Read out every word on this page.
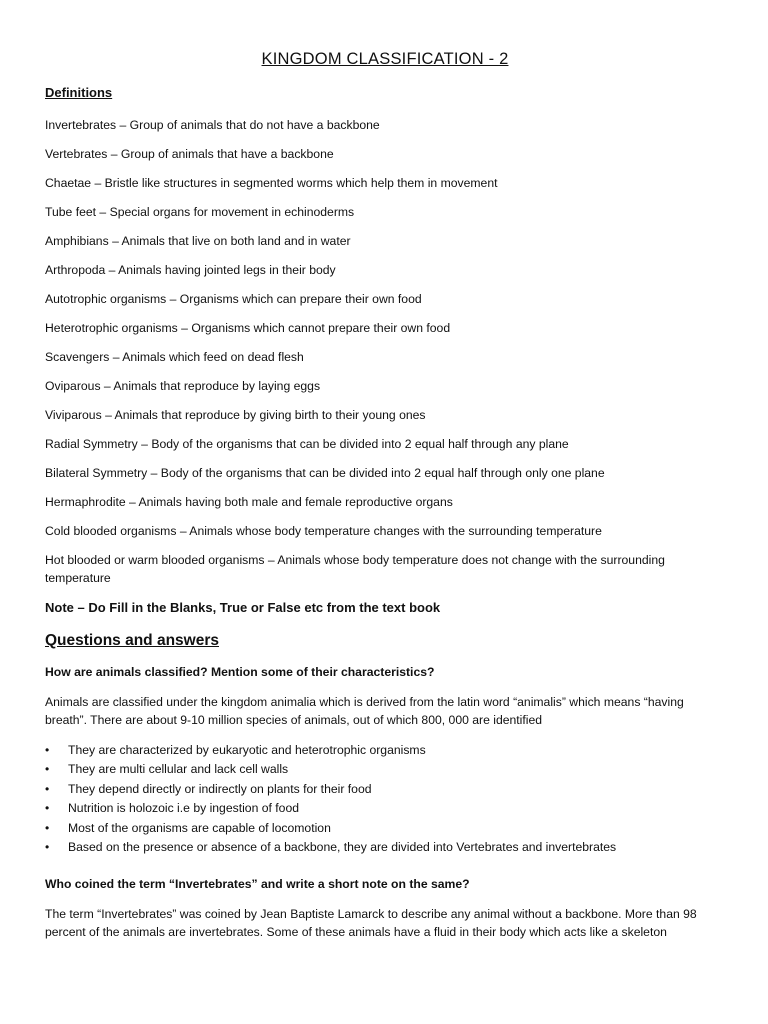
KINGDOM CLASSIFICATION - 2
Definitions
Invertebrates – Group of animals that do not have a backbone
Vertebrates – Group of animals that have a backbone
Chaetae – Bristle like structures in segmented worms which help them in movement
Tube feet – Special organs for movement in echinoderms
Amphibians – Animals that live on both land and in water
Arthropoda – Animals having jointed legs in their body
Autotrophic organisms – Organisms which can prepare their own food
Heterotrophic organisms – Organisms which cannot prepare their own food
Scavengers – Animals which feed on dead flesh
Oviparous – Animals that reproduce by laying eggs
Viviparous – Animals that reproduce by giving birth to their young ones
Radial Symmetry – Body of the organisms that can be divided into 2 equal half through any plane
Bilateral Symmetry – Body of the organisms that can be divided into 2 equal half through only one plane
Hermaphrodite – Animals having both male and female reproductive organs
Cold blooded organisms – Animals whose body temperature changes with the surrounding temperature
Hot blooded or warm blooded organisms – Animals whose body temperature does not change with the surrounding temperature
Note – Do Fill in the Blanks, True or False etc from the text book
Questions and answers
How are animals classified? Mention some of their characteristics?

Animals are classified under the kingdom animalia which is derived from the latin word “animalis” which means “having breath”. There are about 9-10 million species of animals, out of which 800, 000 are identified

• They are characterized by eukaryotic and heterotrophic organisms
• They are multi cellular and lack cell walls
• They depend directly or indirectly on plants for their food
• Nutrition is holozoic i.e by ingestion of food
• Most of the organisms are capable of locomotion
• Based on the presence or absence of a backbone, they are divided into Vertebrates and invertebrates
Who coined the term “Invertebrates” and write a short note on the same?

The term “Invertebrates” was coined by Jean Baptiste Lamarck to describe any animal without a backbone. More than 98 percent of the animals are invertebrates. Some of these animals have a fluid in their body which acts like a skeleton
